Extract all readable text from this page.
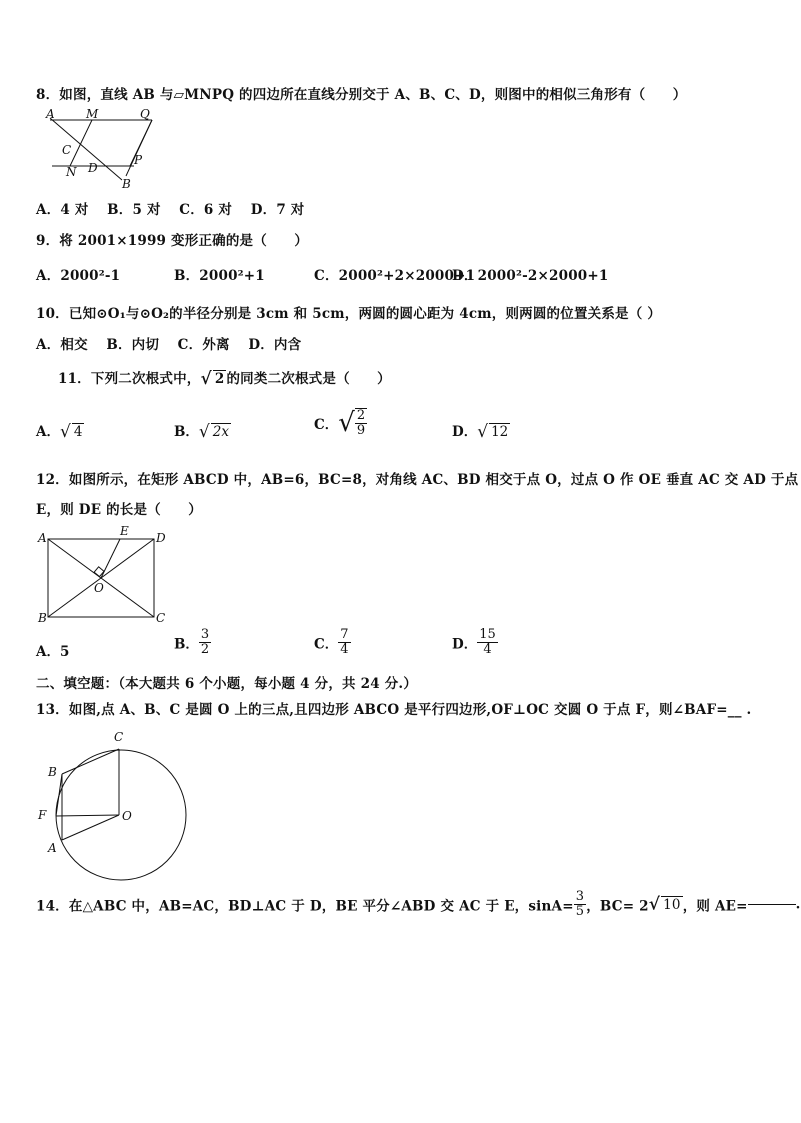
8．如图，直线 AB 与▱MNPQ 的四边所在直线分别交于 A、B、C、D，则图中的相似三角形有（　　）
A	M	Q
C
N D
P
B
A．4 对　 B．5 对　 C．6 对　 D．7 对
9．将 2001×1999 变形正确的是（　　）
A．2000²-1	B．2000²+1	C．2000²+2×2000+1
D．2000²-2×2000+1
10．已知⊙O₁与⊙O₂的半径分别是 3cm 和 5cm，两圆的圆心距为 4cm，则两圆的位置关系是（ ）
A．相交　 B．内切　 C．外离　 D．内含
11．下列二次根式中，√ 2 的同类二次根式是（　　）
A．√ 4	B．√ 2x	C．√ $\frac{2}{9}$	D．√ 12
12．如图所示，在矩形 ABCD 中，AB=6，BC=8，对角线 AC、BD 相交于点 O，过点 O 作 OE 垂直 AC 交 AD 于点
E，则 DE 的长是（　　）
A	E D
O
B	C
A．5	B． $\frac{3}{2}$	C． $\frac{7}{4}$	D． $\frac{15}{4}$
二、填空题：（本大题共 6 个小题，每小题 4 分，共 24 分.）
13．如图,点 A、B、C 是圆 O 上的三点,且四边形 ABCO 是平行四边形,OF⊥OC 交圆 O 于点 F，则∠BAF=__ .
C
B
F	O
A
14．在△ABC 中，AB=AC，BD⊥AC 于 D，BE 平分∠ABD 交 AC 于 E，$\sin A= \frac{3}{5}$ ，BC= 2√ 10 ，则 AE=	.
